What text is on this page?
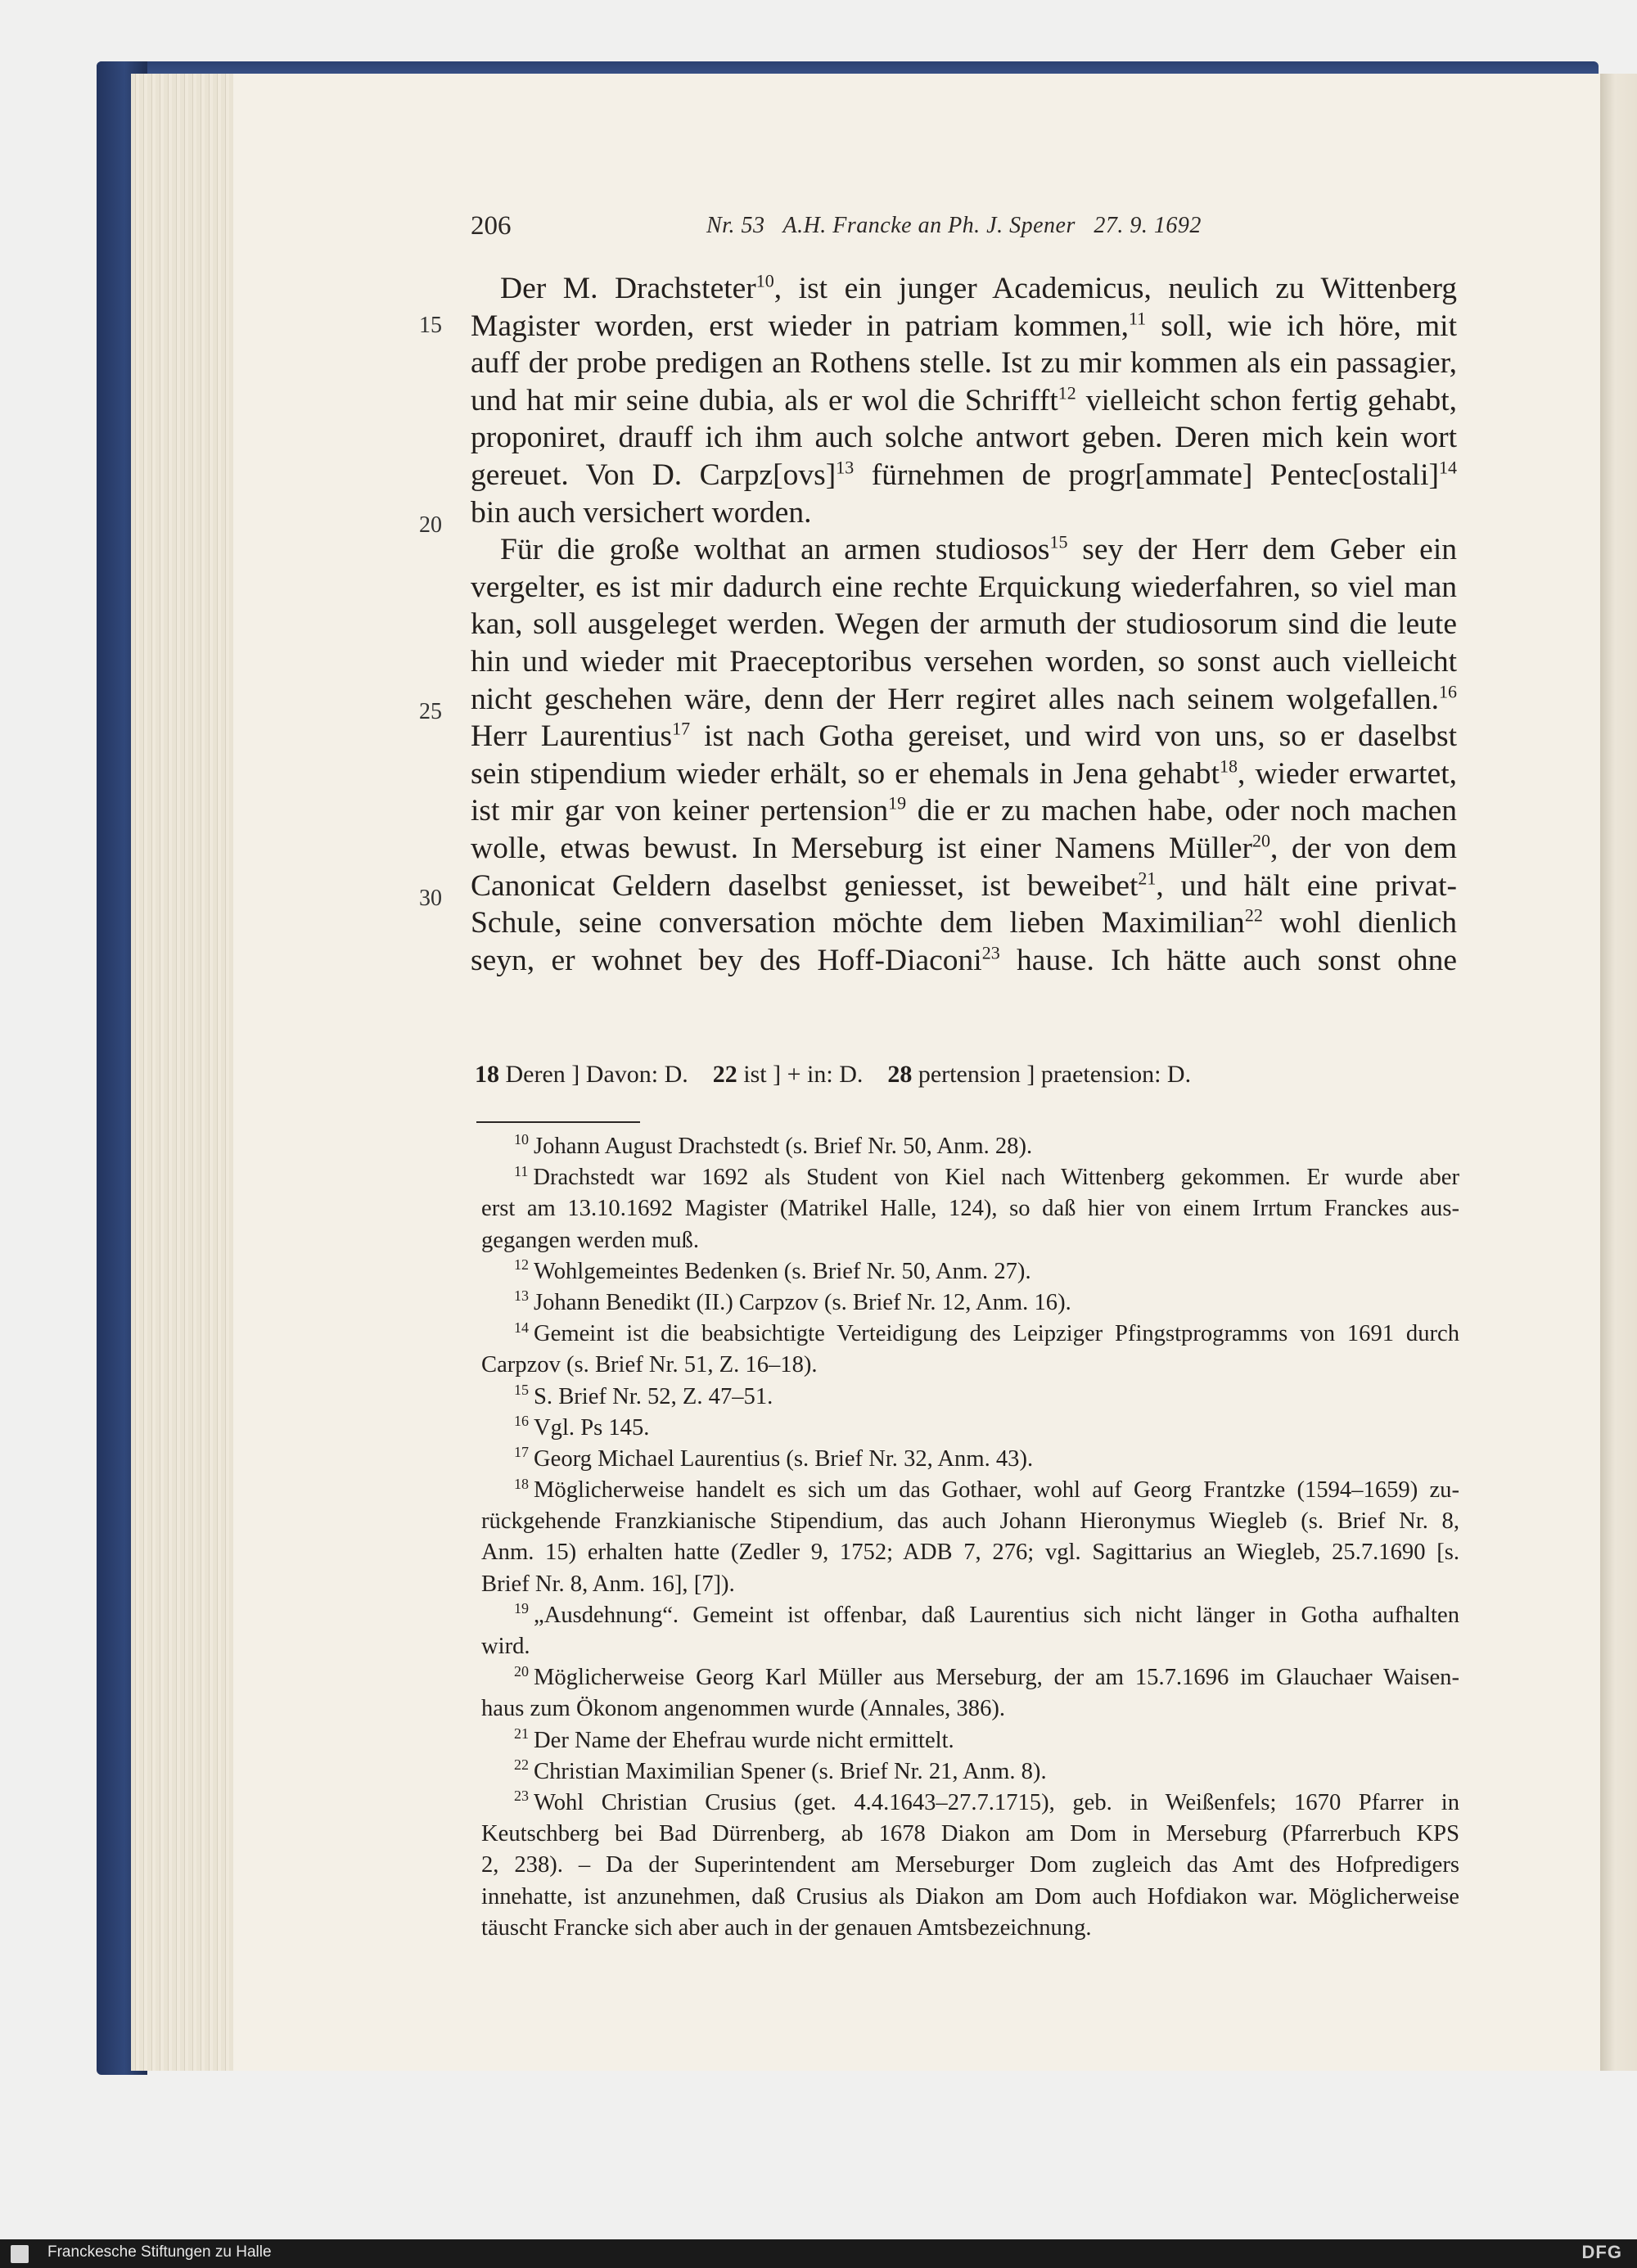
206	Nr. 53   A.H. Francke an Ph. J. Spener   27. 9. 1692
Der M. Drachsteter$^{10}$, ist ein junger Academicus, neulich zu Wittenberg
Magister worden, erst wieder in patriam kommen,$^{11}$ soll, wie ich höre, mit
auff der probe predigen an Rothens stelle. Ist zu mir kommen als ein passagier,
und hat mir seine dubia, als er wol die Schrifft$^{12}$ vielleicht schon fertig gehabt,
proponiret, drauff ich ihm auch solche antwort geben. Deren mich kein wort
gereuet. Von D. Carpz[ovs]$^{13}$ fürnehmen de progr[ammate] Pentec[ostali]$^{14}$
bin auch versichert worden.
Für die große wolthat an armen studiosos$^{15}$ sey der Herr dem Geber ein
vergelter, es ist mir dadurch eine rechte Erquickung wiederfahren, so viel man
kan, soll ausgeleget werden. Wegen der armuth der studiosorum sind die leute
hin und wieder mit Praeceptoribus versehen worden, so sonst auch vielleicht
nicht geschehen wäre, denn der Herr regiret alles nach seinem wolgefallen.$^{16}$
Herr Laurentius$^{17}$ ist nach Gotha gereiset, und wird von uns, so er daselbst
sein stipendium wieder erhält, so er ehemals in Jena gehabt$^{18}$, wieder erwartet,
ist mir gar von keiner pertension$^{19}$ die er zu machen habe, oder noch machen
wolle, etwas bewust. In Merseburg ist einer Namens Müller$^{20}$, der von dem
Canonicat Geldern daselbst geniesset, ist beweibet$^{21}$, und hält eine privat-
Schule, seine conversation möchte dem lieben Maximilian$^{22}$ wohl dienlich
seyn, er wohnet bey des Hoff-Diaconi$^{23}$ hause. Ich hätte auch sonst ohne
15
20
25
30
18 Deren ] Davon: D. 22 ist ] + in: D. 28 pertension ] praetension: D.
$^{10}$ Johann August Drachstedt (s. Brief Nr. 50, Anm. 28).
$^{11}$ Drachstedt war 1692 als Student von Kiel nach Wittenberg gekommen. Er wurde aber
erst am 13.10.1692 Magister (Matrikel Halle, 124), so daß hier von einem Irrtum Franckes aus-
gegangen werden muß.
$^{12}$ Wohlgemeintes Bedenken (s. Brief Nr. 50, Anm. 27).
$^{13}$ Johann Benedikt (II.) Carpzov (s. Brief Nr. 12, Anm. 16).
$^{14}$ Gemeint ist die beabsichtigte Verteidigung des Leipziger Pfingstprogramms von 1691 durch
Carpzov (s. Brief Nr. 51, Z. 16–18).
$^{15}$ S. Brief Nr. 52, Z. 47–51.
$^{16}$ Vgl. Ps 145.
$^{17}$ Georg Michael Laurentius (s. Brief Nr. 32, Anm. 43).
$^{18}$ Möglicherweise handelt es sich um das Gothaer, wohl auf Georg Frantzke (1594–1659) zu-
rückgehende Franzkianische Stipendium, das auch Johann Hieronymus Wiegleb (s. Brief Nr. 8,
Anm. 15) erhalten hatte (Zedler 9, 1752; ADB 7, 276; vgl. Sagittarius an Wiegleb, 25.7.1690 [s.
Brief Nr. 8, Anm. 16], [7]).
$^{19}$ „Ausdehnung“. Gemeint ist offenbar, daß Laurentius sich nicht länger in Gotha aufhalten
wird.
$^{20}$ Möglicherweise Georg Karl Müller aus Merseburg, der am 15.7.1696 im Glauchaer Waisen-
haus zum Ökonom angenommen wurde (Annales, 386).
$^{21}$ Der Name der Ehefrau wurde nicht ermittelt.
$^{22}$ Christian Maximilian Spener (s. Brief Nr. 21, Anm. 8).
$^{23}$ Wohl Christian Crusius (get. 4.4.1643–27.7.1715), geb. in Weißenfels; 1670 Pfarrer in
Keutschberg bei Bad Dürrenberg, ab 1678 Diakon am Dom in Merseburg (Pfarrerbuch KPS
2, 238). – Da der Superintendent am Merseburger Dom zugleich das Amt des Hofpredigers
innehatte, ist anzunehmen, daß Crusius als Diakon am Dom auch Hofdiakon war. Möglicherweise
täuscht Francke sich aber auch in der genauen Amtsbezeichnung.
Franckesche Stiftungen zu Halle	DFG
